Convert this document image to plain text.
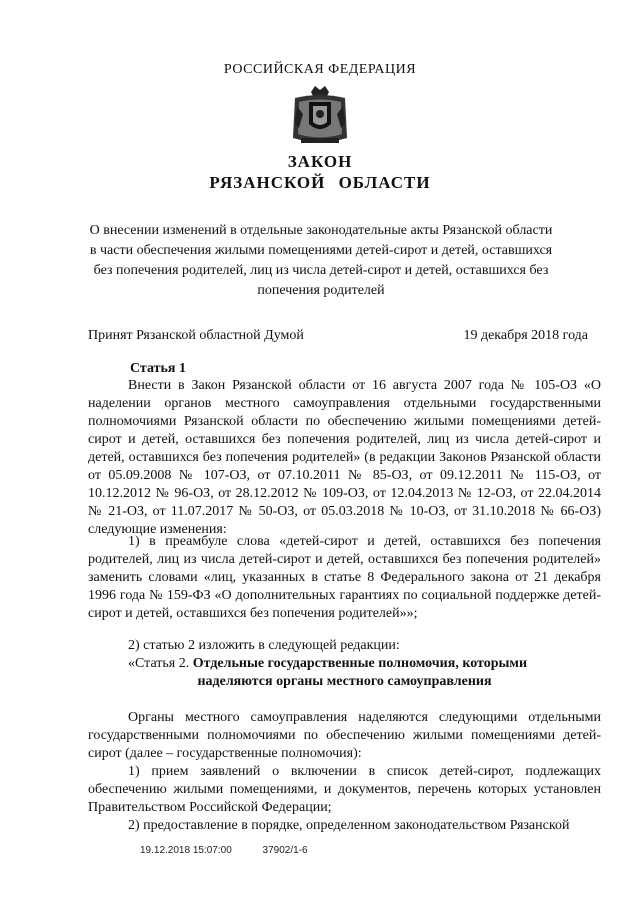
РОССИЙСКАЯ ФЕДЕРАЦИЯ
ЗАКОН
РЯЗАНСКОЙ ОБЛАСТИ
О внесении изменений в отдельные законодательные акты Рязанской области в части обеспечения жилыми помещениями детей-сирот и детей, оставшихся без попечения родителей, лиц из числа детей-сирот и детей, оставшихся без попечения родителей
Принят Рязанской областной Думой	19 декабря 2018 года
Статья 1
Внести в Закон Рязанской области от 16 августа 2007 года № 105-ОЗ «О наделении органов местного самоуправления отдельными государственными полномочиями Рязанской области по обеспечению жилыми помещениями детей-сирот и детей, оставшихся без попечения родителей, лиц из числа детей-сирот и детей, оставшихся без попечения родителей» (в редакции Законов Рязанской области от 05.09.2008 № 107-ОЗ, от 07.10.2011 № 85-ОЗ, от 09.12.2011 № 115-ОЗ, от 10.12.2012 № 96-ОЗ, от 28.12.2012 № 109-ОЗ, от 12.04.2013 № 12-ОЗ, от 22.04.2014 № 21-ОЗ, от 11.07.2017 № 50-ОЗ, от 05.03.2018 № 10-ОЗ, от 31.10.2018 № 66-ОЗ) следующие изменения:
1) в преамбуле слова «детей-сирот и детей, оставшихся без попечения родителей, лиц из числа детей-сирот и детей, оставшихся без попечения родителей» заменить словами «лиц, указанных в статье 8 Федерального закона от 21 декабря 1996 года № 159-ФЗ «О дополнительных гарантиях по социальной поддержке детей-сирот и детей, оставшихся без попечения родителей»»;
2) статью 2 изложить в следующей редакции:
«Статья 2. Отдельные государственные полномочия, которыми
наделяются органы местного самоуправления
Органы местного самоуправления наделяются следующими отдельными государственными полномочиями по обеспечению жилыми помещениями детей-сирот (далее – государственные полномочия):
1) прием заявлений о включении в список детей-сирот, подлежащих обеспечению жилыми помещениями, и документов, перечень которых установлен Правительством Российской Федерации;
2) предоставление в порядке, определенном законодательством Рязанской
19.12.2018 15:07:00	37902/1-6
